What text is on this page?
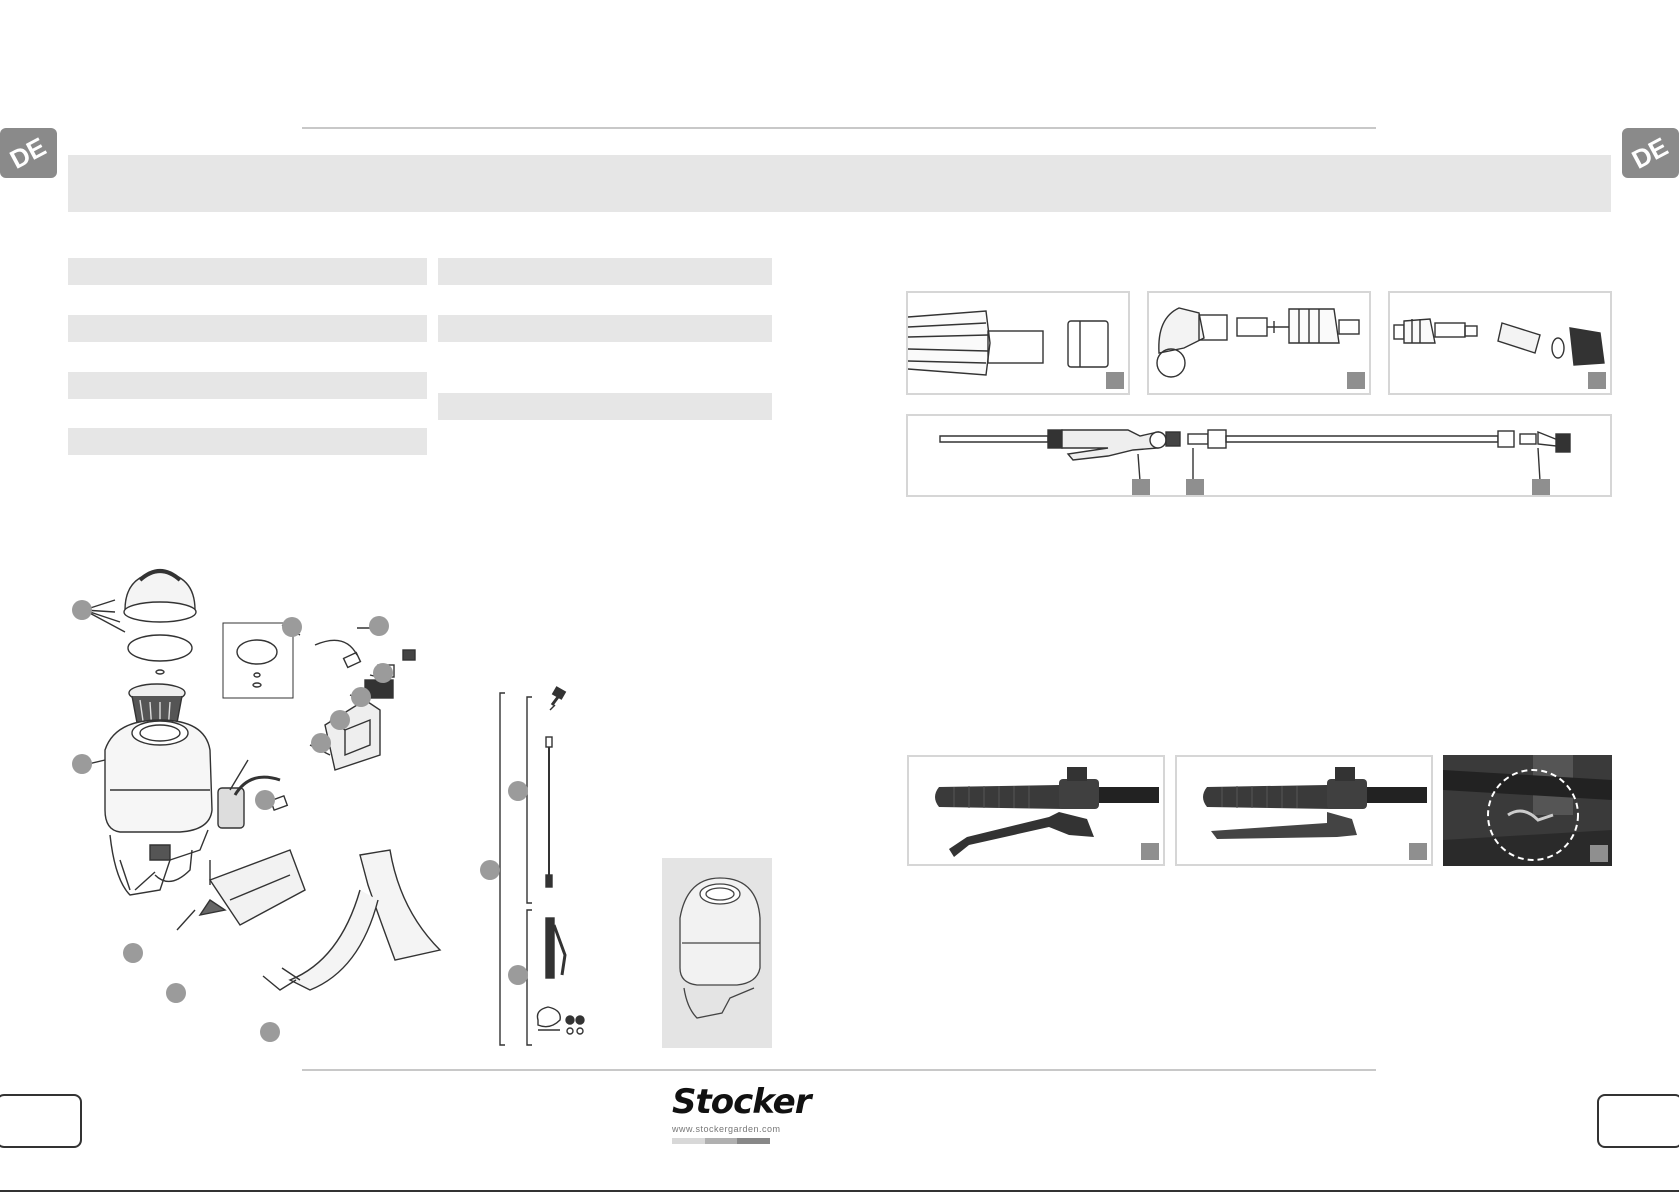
DE	DE
Stocker
www.stockergarden.com
